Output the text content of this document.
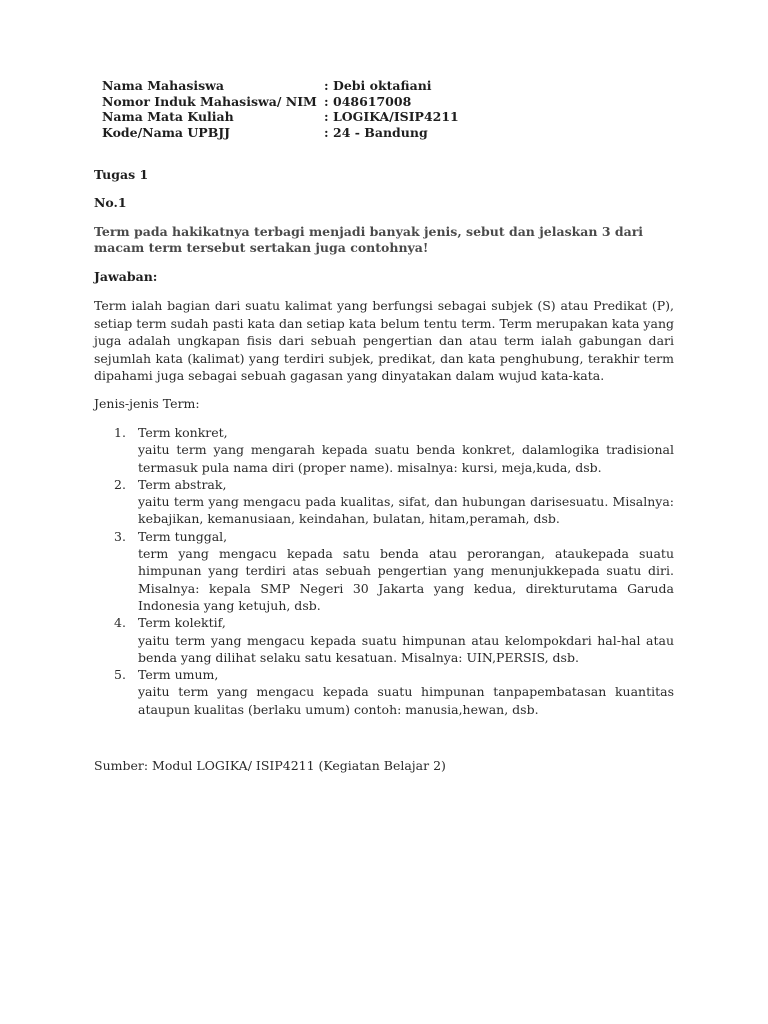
Nama Mahasiswa	: Debi oktafiani
Nomor Induk Mahasiswa/ NIM : 048617008
Nama Mata Kuliah	: LOGIKA/ISIP4211
Kode/Nama UPBJJ	: 24 - Bandung
Tugas 1
No.1
Term pada hakikatnya terbagi menjadi banyak jenis, sebut dan jelaskan 3 dari macam term tersebut sertakan juga contohnya!
Jawaban:
Term ialah bagian dari suatu kalimat yang berfungsi sebagai subjek (S) atau Predikat (P), setiap term sudah pasti kata dan setiap kata belum tentu term. Term merupakan kata yang juga adalah ungkapan fisis dari sebuah pengertian dan atau term ialah gabungan dari sejumlah kata (kalimat) yang terdiri subjek, predikat, dan kata penghubung, terakhir term dipahami juga sebagai sebuah gagasan yang dinyatakan dalam wujud kata-kata.
Jenis-jenis Term:
1. Term konkret,
yaitu term yang mengarah kepada suatu benda konkret, dalamlogika tradisional termasuk pula nama diri (proper name). misalnya: kursi, meja,kuda, dsb.
2. Term abstrak,
yaitu term yang mengacu pada kualitas, sifat, dan hubungan darisesuatu. Misalnya: kebajikan, kemanusiaan, keindahan, bulatan, hitam,peramah, dsb.
3. Term tunggal,
term yang mengacu kepada satu benda atau perorangan, ataukepada suatu himpunan yang terdiri atas sebuah pengertian yang menunjukkepada suatu diri. Misalnya: kepala SMP Negeri 30 Jakarta yang kedua, direkturutama Garuda Indonesia yang ketujuh, dsb.
4. Term kolektif,
yaitu term yang mengacu kepada suatu himpunan atau kelompokdari hal-hal atau benda yang dilihat selaku satu kesatuan. Misalnya: UIN,PERSIS, dsb.
5. Term umum,
yaitu term yang mengacu kepada suatu himpunan tanpapembatasan kuantitas ataupun kualitas (berlaku umum) contoh: manusia,hewan, dsb.
Sumber: Modul LOGIKA/ ISIP4211 (Kegiatan Belajar 2)
